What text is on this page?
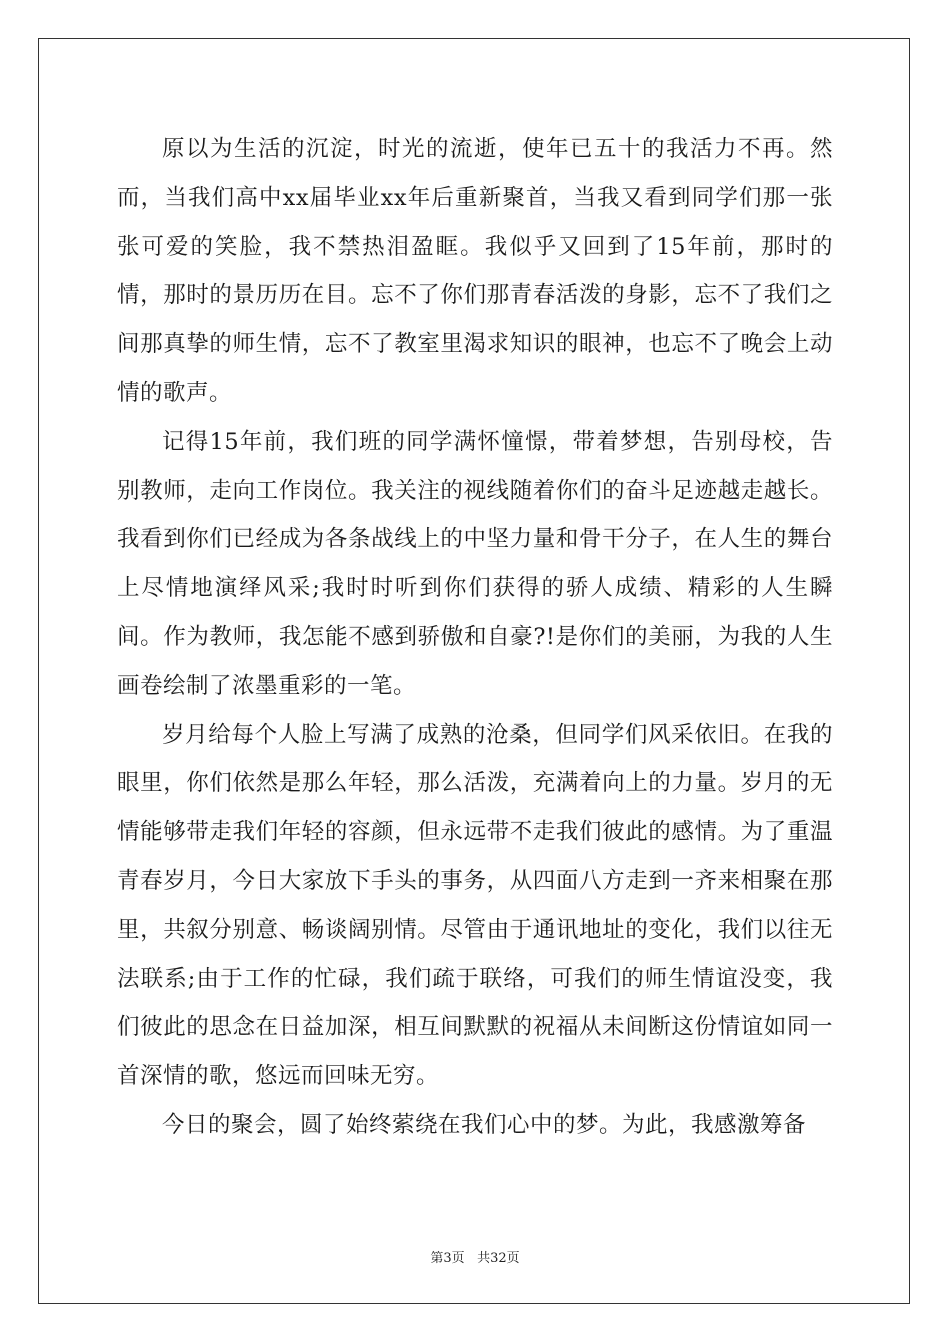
原以为生活的沉淀，时光的流逝，使年已五十的我活力不再。然而，当我们高中xx届毕业xx年后重新聚首，当我又看到同学们那一张张可爱的笑脸，我不禁热泪盈眶。我似乎又回到了15年前，那时的情，那时的景历历在目。忘不了你们那青春活泼的身影，忘不了我们之间那真挚的师生情，忘不了教室里渴求知识的眼神，也忘不了晚会上动情的歌声。

记得15年前，我们班的同学满怀憧憬，带着梦想，告别母校，告别教师，走向工作岗位。我关注的视线随着你们的奋斗足迹越走越长。我看到你们已经成为各条战线上的中坚力量和骨干分子，在人生的舞台上尽情地演绎风采;我时时听到你们获得的骄人成绩、精彩的人生瞬间。作为教师，我怎能不感到骄傲和自豪?!是你们的美丽，为我的人生画卷绘制了浓墨重彩的一笔。

岁月给每个人脸上写满了成熟的沧桑，但同学们风采依旧。在我的眼里，你们依然是那么年轻，那么活泼，充满着向上的力量。岁月的无情能够带走我们年轻的容颜，但永远带不走我们彼此的感情。为了重温青春岁月，今日大家放下手头的事务，从四面八方走到一齐来相聚在那里，共叙分别意、畅谈阔别情。尽管由于通讯地址的变化，我们以往无法联系;由于工作的忙碌，我们疏于联络，可我们的师生情谊没变，我们彼此的思念在日益加深，相互间默默的祝福从未间断这份情谊如同一首深情的歌，悠远而回味无穷。

今日的聚会，圆了始终萦绕在我们心中的梦。为此，我感激筹备

第3页 共32页
